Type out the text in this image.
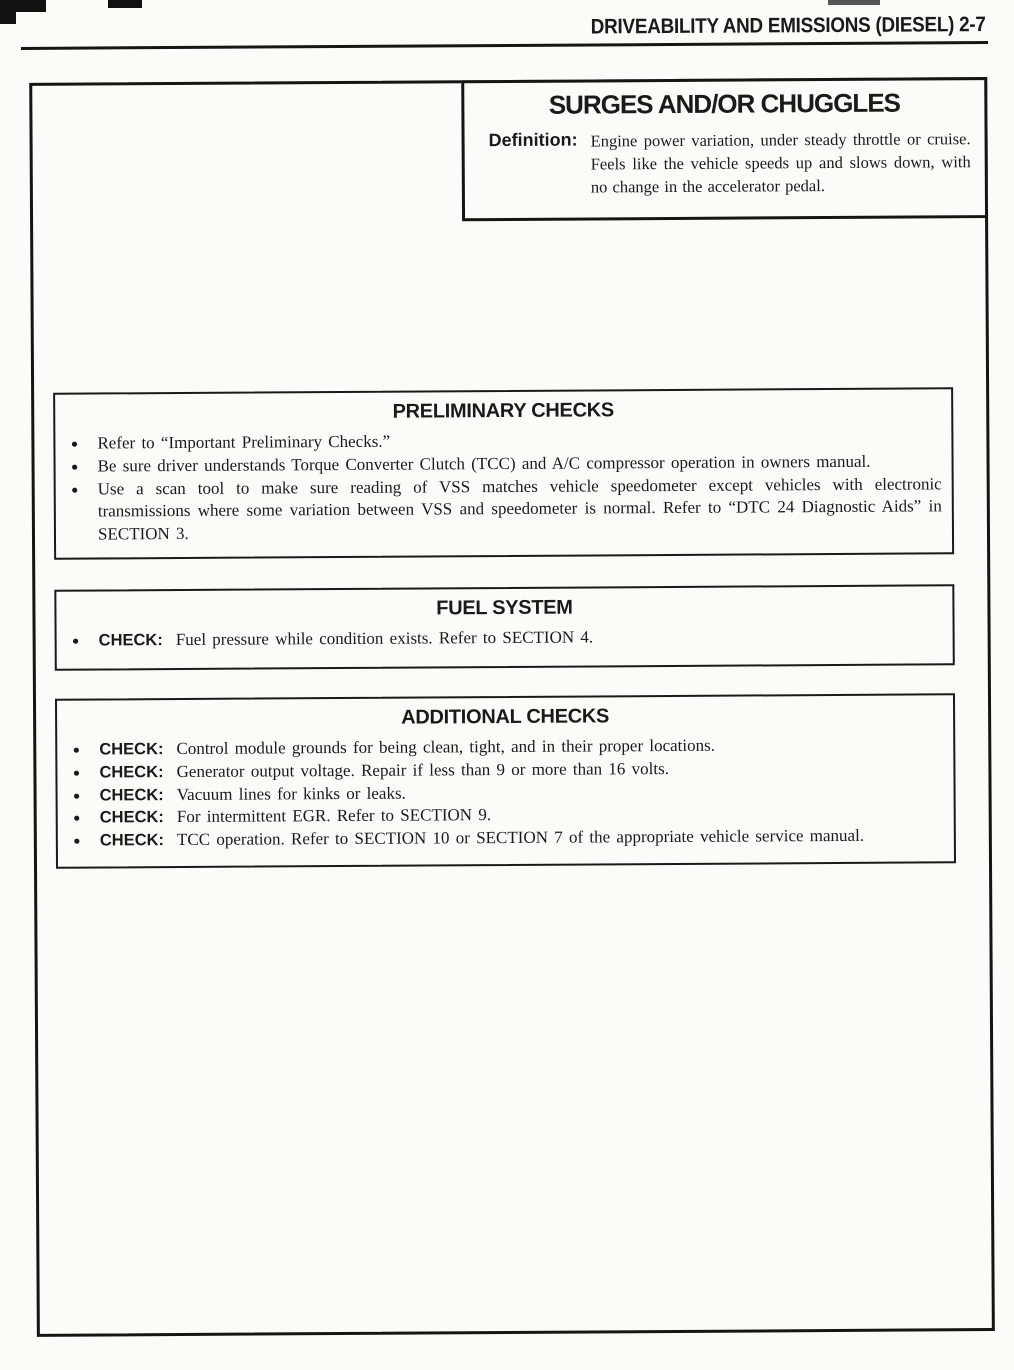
DRIVEABILITY AND EMISSIONS (DIESEL) 2-7
SURGES AND/OR CHUGGLES
Definition: Engine power variation, under steady throttle or cruise. Feels like the vehicle speeds up and slows down, with no change in the accelerator pedal.
PRELIMINARY CHECKS
● Refer to “Important Preliminary Checks.”
● Be sure driver understands Torque Converter Clutch (TCC) and A/C compressor operation in owners manual.
● Use a scan tool to make sure reading of VSS matches vehicle speedometer except vehicles with electronic transmissions where some variation between VSS and speedometer is normal. Refer to “DTC 24 Diagnostic Aids” in SECTION 3.
FUEL SYSTEM
● CHECK: Fuel pressure while condition exists. Refer to SECTION 4.
ADDITIONAL CHECKS
● CHECK: Control module grounds for being clean, tight, and in their proper locations.
● CHECK: Generator output voltage. Repair if less than 9 or more than 16 volts.
● CHECK: Vacuum lines for kinks or leaks.
● CHECK: For intermittent EGR. Refer to SECTION 9.
● CHECK: TCC operation. Refer to SECTION 10 or SECTION 7 of the appropriate vehicle service manual.
